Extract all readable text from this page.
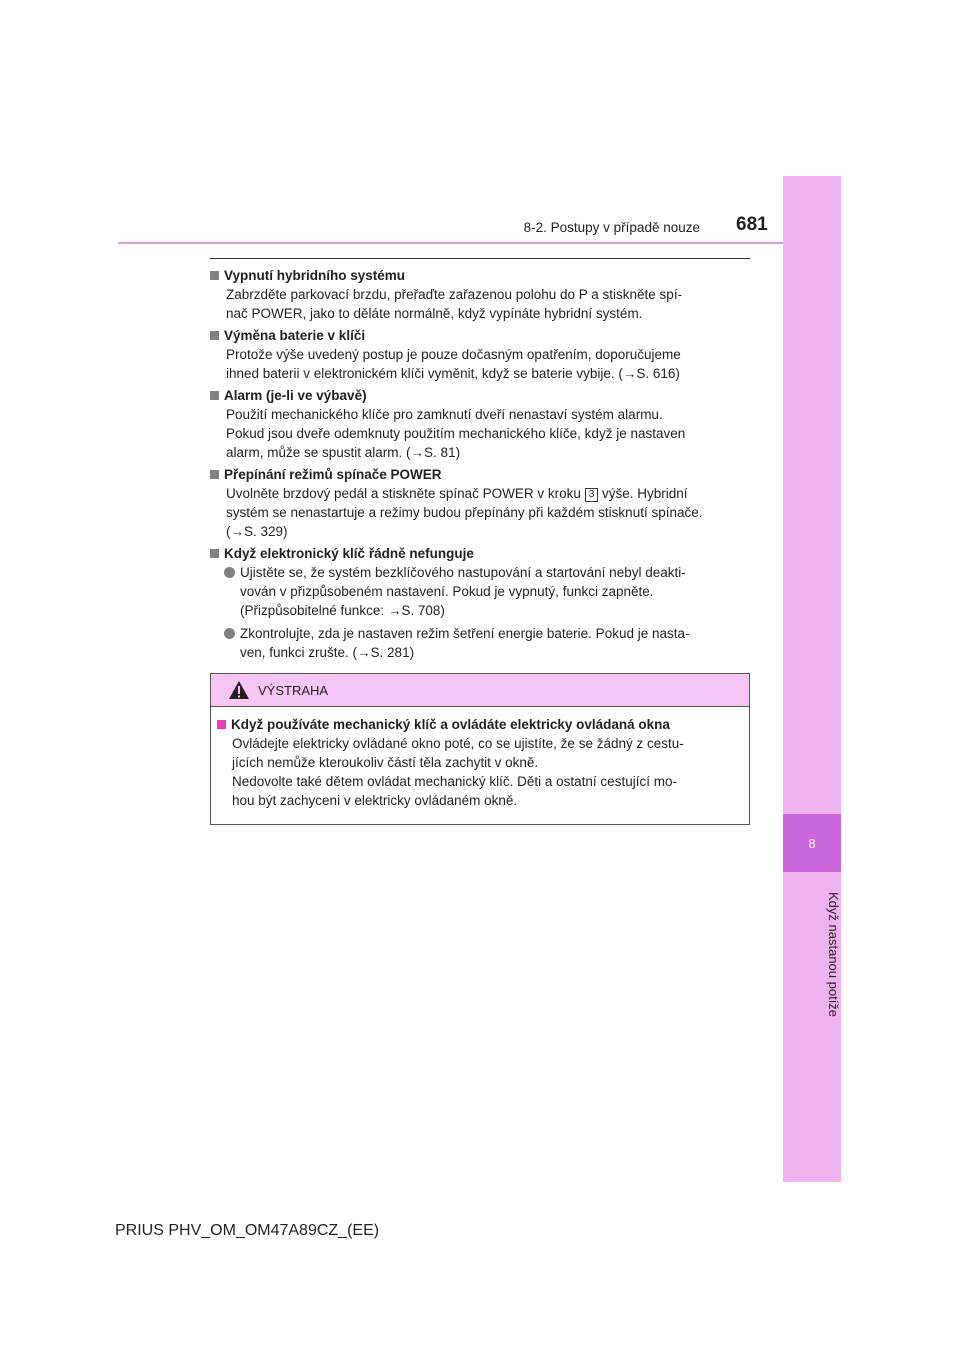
8
Když nastanou potíže
8-2. Postupy v případě nouze 681
Vypnutí hybridního systému

Zabrzděte parkovací brzdu, přeřaďte zařazenou polohu do P a stiskněte spí-

nač POWER, jako to děláte normálně, když vypínáte hybridní systém.

Výměna baterie v klíči

Protože výše uvedený postup je pouze dočasným opatřením, doporučujeme

ihned baterii v elektronickém klíči vyměnit, když se baterie vybije. (→S. 616)

Alarm (je-li ve výbavě)

Použití mechanického klíče pro zamknutí dveří nenastaví systém alarmu.

Pokud jsou dveře odemknuty použitím mechanického klíče, když je nastaven

alarm, může se spustit alarm. (→S. 81)

Přepínání režimů spínače POWER

Uvolněte brzdový pedál a stiskněte spínač POWER v kroku 3 výše. Hybridní

systém se nenastartuje a režimy budou přepínány při každém stisknutí spínače.

(→S. 329)

Když elektronický klíč řádně nefunguje
Ujistěte se, že systém bezklíčového nastupování a startování nebyl deakti-
vován v přizpůsobeném nastavení. Pokud je vypnutý, funkci zapněte.
(Přizpůsobitelné funkce: →S. 708)
Zkontrolujte, zda je nastaven režim šetření energie baterie. Pokud je nasta-
ven, funkci zrušte. (→S. 281)
VÝSTRAHA
Když používáte mechanický klíč a ovládáte elektricky ovládaná okna

Ovládejte elektricky ovládané okno poté, co se ujistíte, že se žádný z cestu-

jících nemůže kteroukoliv částí těla zachytit v okně.

Nedovolte také dětem ovládat mechanický klíč. Děti a ostatní cestující mo-

hou být zachyceni v elektricky ovládaném okně.

PRIUS PHV_OM_OM47A89CZ_(EE)
